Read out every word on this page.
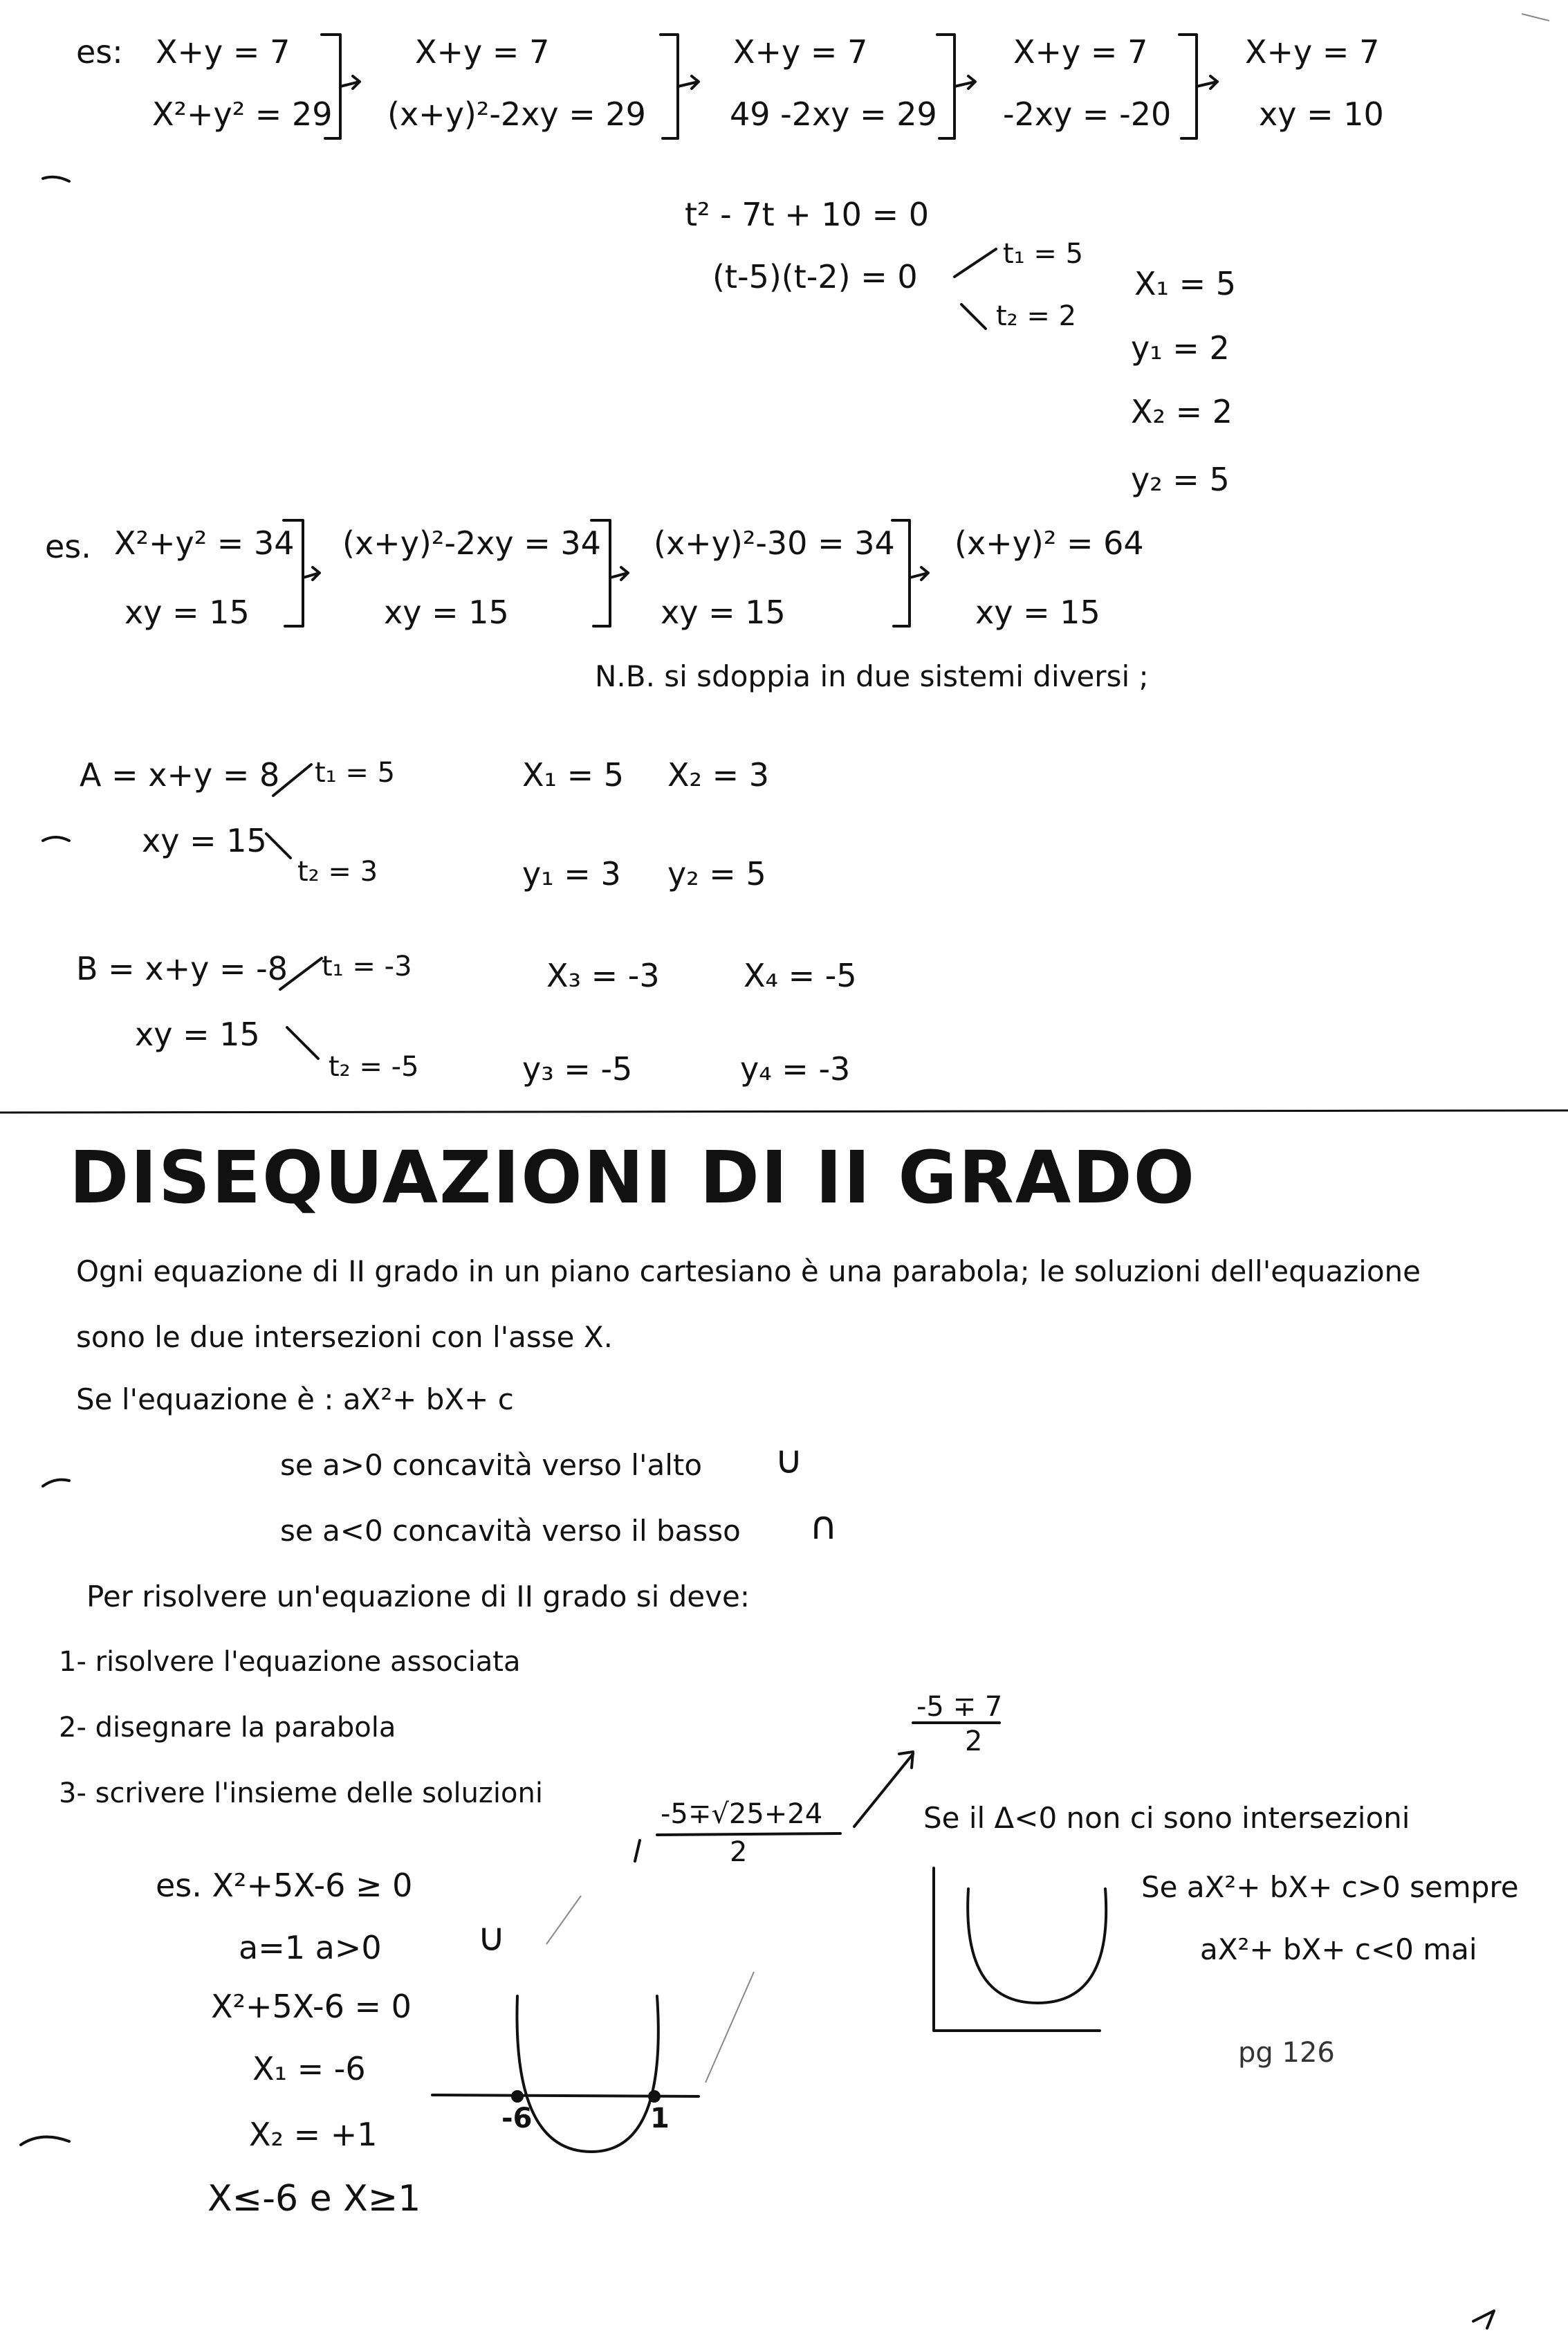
es: X+y = 7
X²+y² = 29
X+y = 7
(x+y)²-2xy = 29
X+y = 7
49 -2xy = 29
X+y = 7
-2xy = -20
X+y = 7
xy = 10
t² - 7t + 10 = 0
(t-5)(t-2) = 0
t₁ = 5
t₂ = 2
X₁ = 5
y₁ = 2
X₂ = 2
y₂ = 5
es. X²+y² = 34
xy = 15
(x+y)²-2xy = 34
xy = 15
(x+y)²-30 = 34
xy = 15
(x+y)² = 64
xy = 15
N.B. si sdoppia in due sistemi diversi ;
A = x+y = 8
xy = 15
t₁ = 5
t₂ = 3
X₁ = 5 X₂ = 3
y₁ = 3 y₂ = 5
B = x+y = -8
xy = 15
t₁ = -3
t₂ = -5
X₃ = -3	X₄ = -5
y₃ = -5	y₄ = -3
DISEQUAZIONI DI II GRADO
Ogni equazione di II grado in un piano cartesiano è una parabola; le soluzioni dell'equazione
sono le due intersezioni con l'asse X.
Se l'equazione è : aX²+ bX+ c
se a>0 concavità verso l'alto ∪
se a<0 concavità verso il basso ∩
Per risolvere un'equazione di II grado si deve:
1- risolvere l'equazione associata
2- disegnare la parabola
3- scrivere l'insieme delle soluzioni
-5 ∓ 7
2
-5∓√25+24
2
Se il Δ<0 non ci sono intersezioni
Se aX²+ bX+ c>0 sempre
aX²+ bX+ c<0 mai
pg 126
es. X²+5X-6 ≥ 0
a=1 a>0 ∪
X²+5X-6 = 0
X₁ = -6
X₂ = +1
X≤-6 e X≥1
-6	1
